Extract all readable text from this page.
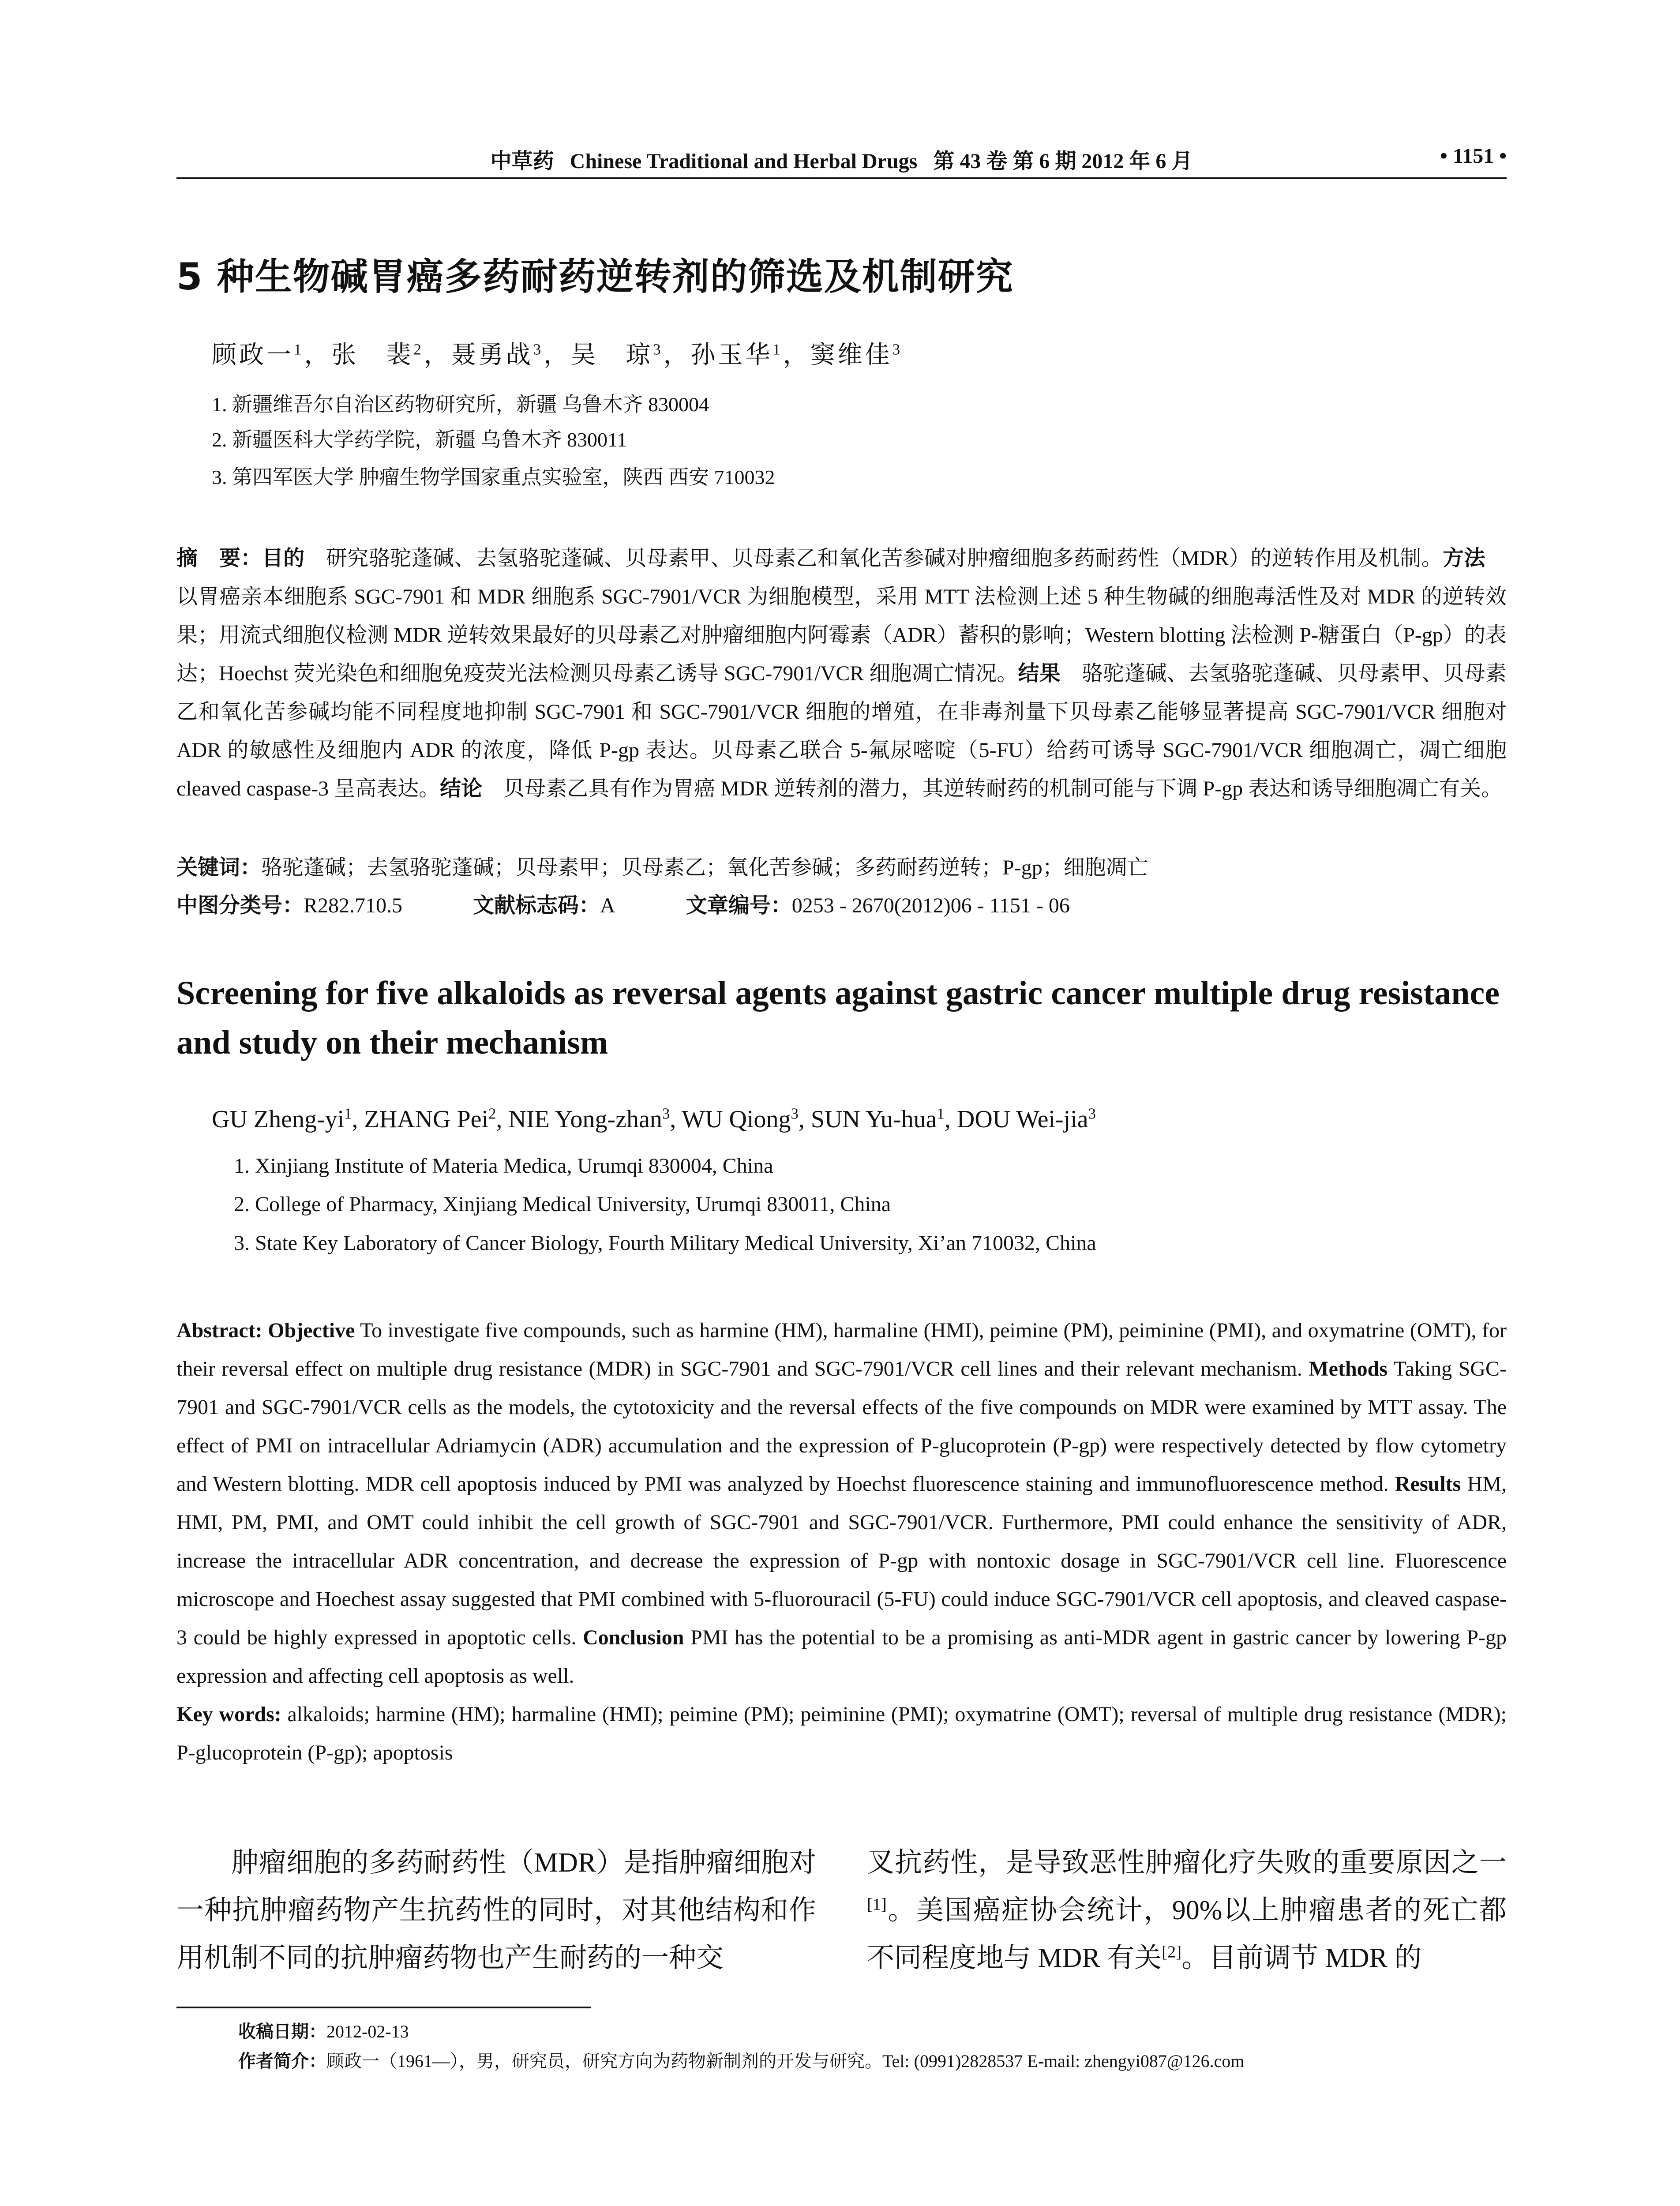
中草药 Chinese Traditional and Herbal Drugs 第 43 卷 第 6 期 2012 年 6 月	• 1151 •
5 种生物碱胃癌多药耐药逆转剂的筛选及机制研究
顾政一$^1$，张　裴$^2$，聂勇战$^3$，吴　琼$^3$，孙玉华$^1$，窦维佳$^3$
1. 新疆维吾尔自治区药物研究所，新疆 乌鲁木齐 830004
2. 新疆医科大学药学院，新疆 乌鲁木齐 830011
3. 第四军医大学 肿瘤生物学国家重点实验室，陕西 西安 710032
摘　要：目的　研究骆驼蓬碱、去氢骆驼蓬碱、贝母素甲、贝母素乙和氧化苦参碱对肿瘤细胞多药耐药性（MDR）的逆转作用及机制。方法　以胃癌亲本细胞系 SGC-7901 和 MDR 细胞系 SGC-7901/VCR 为细胞模型，采用 MTT 法检测上述 5 种生物碱的细胞毒活性及对 MDR 的逆转效果；用流式细胞仪检测 MDR 逆转效果最好的贝母素乙对肿瘤细胞内阿霉素（ADR）蓄积的影响；Western blotting 法检测 P-糖蛋白（P-gp）的表达；Hoechst 荧光染色和细胞免疫荧光法检测贝母素乙诱导 SGC-7901/VCR 细胞凋亡情况。结果　骆驼蓬碱、去氢骆驼蓬碱、贝母素甲、贝母素乙和氧化苦参碱均能不同程度地抑制 SGC-7901 和 SGC-7901/VCR 细胞的增殖，在非毒剂量下贝母素乙能够显著提高 SGC-7901/VCR 细胞对 ADR 的敏感性及细胞内 ADR 的浓度，降低 P-gp 表达。贝母素乙联合 5-氟尿嘧啶（5-FU）给药可诱导 SGC-7901/VCR 细胞凋亡，凋亡细胞 cleaved caspase-3 呈高表达。结论　贝母素乙具有作为胃癌 MDR 逆转剂的潜力，其逆转耐药的机制可能与下调 P-gp 表达和诱导细胞凋亡有关。
关键词：骆驼蓬碱；去氢骆驼蓬碱；贝母素甲；贝母素乙；氧化苦参碱；多药耐药逆转；P-gp；细胞凋亡
中图分类号：R282.710.5	文献标志码：A	文章编号：0253 - 2670(2012)06 - 1151 - 06
Screening for five alkaloids as reversal agents against gastric cancer multiple drug resistance and study on their mechanism
GU Zheng-$yi^1$, ZHANG Pei$^2$, NIE Yong-zhan$^3$, WU Qiong$^3$, SUN Yu-hua$^1$, DOU Wei-jia$^3$
1. Xinjiang Institute of Materia Medica, Urumqi 830004, China
2. College of Pharmacy, Xinjiang Medical University, Urumqi 830011, China
3. State Key Laboratory of Cancer Biology, Fourth Military Medical University, Xi’an 710032, China
Abstract: Objective To investigate five compounds, such as harmine (HM), harmaline (HMI), peimine (PM), peiminine (PMI), and oxymatrine (OMT), for their reversal effect on multiple drug resistance (MDR) in SGC-7901 and SGC-7901/VCR cell lines and their relevant mechanism. Methods Taking SGC-7901 and SGC-7901/VCR cells as the models, the cytotoxicity and the reversal effects of the five compounds on MDR were examined by MTT assay. The effect of PMI on intracellular Adriamycin (ADR) accumulation and the expression of P-glucoprotein (P-gp) were respectively detected by flow cytometry and Western blotting. MDR cell apoptosis induced by PMI was analyzed by Hoechst fluorescence staining and immunofluorescence method. Results HM, HMI, PM, PMI, and OMT could inhibit the cell growth of SGC-7901 and SGC-7901/VCR. Furthermore, PMI could enhance the sensitivity of ADR, increase the intracellular ADR concentration, and decrease the expression of P-gp with nontoxic dosage in SGC-7901/VCR cell line. Fluorescence microscope and Hoechest assay suggested that PMI combined with 5-fluorouracil (5-FU) could induce SGC-7901/VCR cell apoptosis, and cleaved caspase-3 could be highly expressed in apoptotic cells. Conclusion PMI has the potential to be a promising as anti-MDR agent in gastric cancer by lowering P-gp expression and affecting cell apoptosis as well.
Key words: alkaloids; harmine (HM); harmaline (HMI); peimine (PM); peiminine (PMI); oxymatrine (OMT); reversal of multiple drug resistance (MDR); P-glucoprotein (P-gp); apoptosis
肿瘤细胞的多药耐药性（MDR）是指肿瘤细胞对一种抗肿瘤药物产生抗药性的同时，对其他结构和作用机制不同的抗肿瘤药物也产生耐药的一种交
叉抗药性，是导致恶性肿瘤化疗失败的重要原因之一[1]。美国癌症协会统计，90%以上肿瘤患者的死亡都不同程度地与 MDR 有关[2]。目前调节 MDR 的
收稿日期：2012-02-13
作者简介：顾政一（1961—），男，研究员，研究方向为药物新制剂的开发与研究。Tel: (0991)2828537 E-mail: zhengyi087@126.com
